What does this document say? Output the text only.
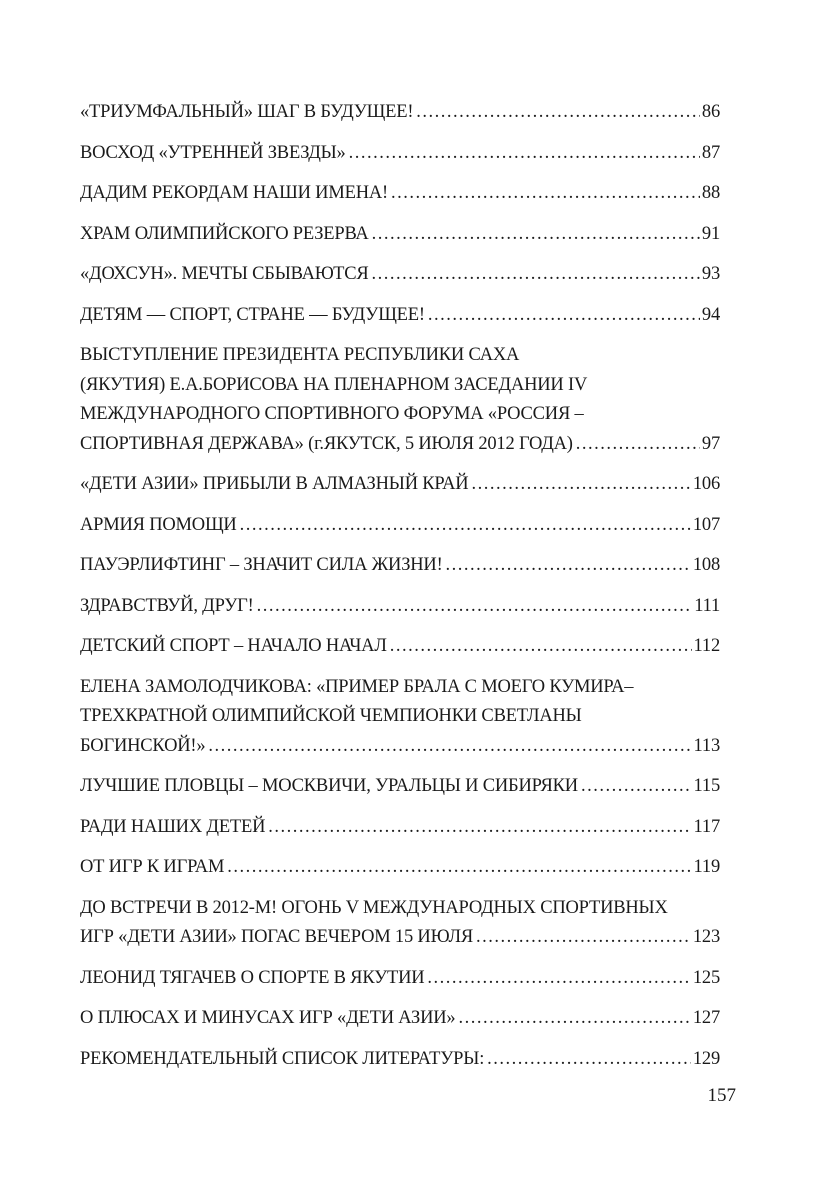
«ТРИУМФАЛЬНЫЙ» ШАГ В БУДУЩЕЕ! .....	86
ВОСХОД «УТРЕННЕЙ ЗВЕЗДЫ» .....	87
ДАДИМ РЕКОРДАМ НАШИ ИМЕНА! .....	88
ХРАМ ОЛИМПИЙСКОГО РЕЗЕРВА .....	91
«ДОХСУН». МЕЧТЫ СБЫВАЮТСЯ .....	93
ДЕТЯМ — СПОРТ, СТРАНЕ — БУДУЩЕЕ! .....	94
ВЫСТУПЛЕНИЕ ПРЕЗИДЕНТА РЕСПУБЛИКИ САХА
(ЯКУТИЯ) Е.А.БОРИСОВА НА ПЛЕНАРНОМ ЗАСЕДАНИИ IV
МЕЖДУНАРОДНОГО СПОРТИВНОГО ФОРУМА «РОССИЯ –
СПОРТИВНАЯ ДЕРЖАВА» (г.ЯКУТСК, 5 ИЮЛЯ 2012 ГОДА) .....	97
«ДЕТИ АЗИИ» ПРИБЫЛИ В АЛМАЗНЫЙ КРАЙ .....	106
АРМИЯ ПОМОЩИ .....	107
ПАУЭРЛИФТИНГ – ЗНАЧИТ СИЛА ЖИЗНИ! .....	108
ЗДРАВСТВУЙ, ДРУГ! .....	111
ДЕТСКИЙ СПОРТ – НАЧАЛО НАЧАЛ .....	112
ЕЛЕНА ЗАМОЛОДЧИКОВА: «ПРИМЕР БРАЛА С МОЕГО КУМИРА–
ТРЕХКРАТНОЙ ОЛИМПИЙСКОЙ ЧЕМПИОНКИ СВЕТЛАНЫ
БОГИНСКОЙ!» .....	113
ЛУЧШИЕ ПЛОВЦЫ – МОСКВИЧИ, УРАЛЬЦЫ И СИБИРЯКИ .....	115
РАДИ НАШИХ ДЕТЕЙ .....	117
ОТ ИГР К ИГРАМ .....	119
ДО ВСТРЕЧИ В 2012-М! ОГОНЬ V МЕЖДУНАРОДНЫХ СПОРТИВНЫХ
ИГР «ДЕТИ АЗИИ» ПОГАС ВЕЧЕРОМ 15 ИЮЛЯ .....	123
ЛЕОНИД ТЯГАЧЕВ О СПОРТЕ В ЯКУТИИ .....	125
О ПЛЮСАХ И МИНУСАХ ИГР «ДЕТИ АЗИИ» .....	127
РЕКОМЕНДАТЕЛЬНЫЙ СПИСОК ЛИТЕРАТУРЫ: .....	129
157
